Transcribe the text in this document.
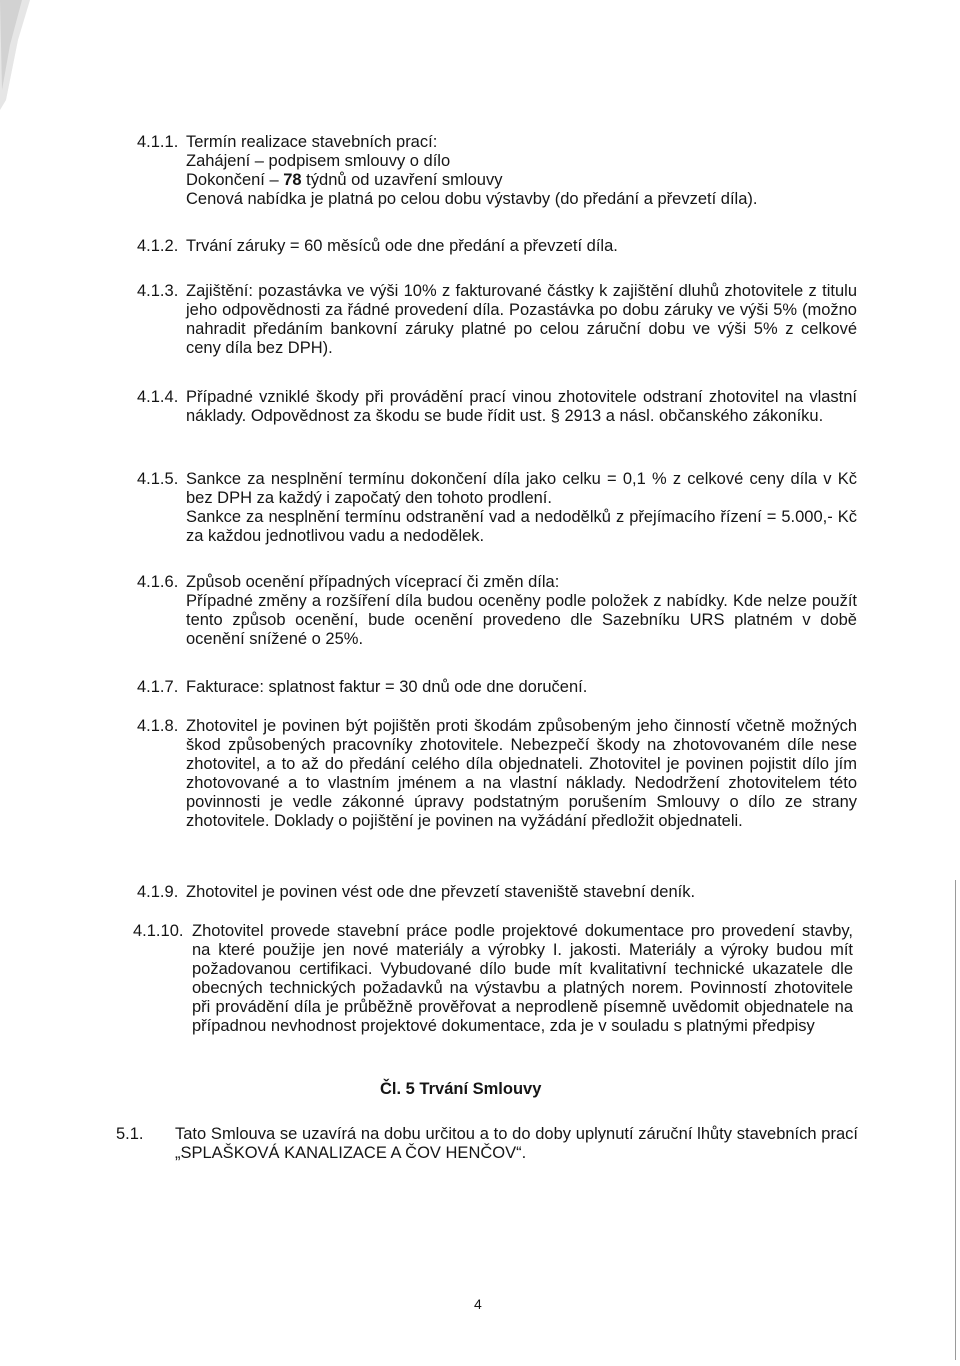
4.1.1. Termín realizace stavebních prací:
Zahájení – podpisem smlouvy o dílo
Dokončení – 78 týdnů od uzavření smlouvy
Cenová nabídka je platná po celou dobu výstavby (do předání a převzetí díla).
4.1.2. Trvání záruky = 60 měsíců ode dne předání a převzetí díla.
4.1.3. Zajištění: pozastávka ve výši 10% z fakturované částky k zajištění dluhů zhotovitele z titulu jeho odpovědnosti za řádné provedení díla. Pozastávka po dobu záruky ve výši 5% (možno nahradit předáním bankovní záruky platné po celou záruční dobu ve výši 5% z celkové ceny díla bez DPH).
4.1.4. Případné vzniklé škody při provádění prací vinou zhotovitele odstraní zhotovitel na vlastní náklady. Odpovědnost za škodu se bude řídit ust. § 2913 a násl. občanského zákoníku.
4.1.5. Sankce za nesplnění termínu dokončení díla jako celku = 0,1 % z celkové ceny díla v Kč bez DPH za každý i započatý den tohoto prodlení.
Sankce za nesplnění termínu odstranění vad a nedodělků z přejímacího řízení = 5.000,- Kč za každou jednotlivou vadu a nedodělek.
4.1.6. Způsob ocenění případných víceprací či změn díla:
Případné změny a rozšíření díla budou oceněny podle položek z nabídky. Kde nelze použít tento způsob ocenění, bude ocenění provedeno dle Sazebníku URS platném v době ocenění snížené o 25%.
4.1.7. Fakturace: splatnost faktur = 30 dnů ode dne doručení.
4.1.8. Zhotovitel je povinen být pojištěn proti škodám způsobeným jeho činností včetně možných škod způsobených pracovníky zhotovitele. Nebezpečí škody na zhotovovaném díle nese zhotovitel, a to až do předání celého díla objednateli. Zhotovitel je povinen pojistit dílo jím zhotovované a to vlastním jménem a na vlastní náklady. Nedodržení zhotovitelem této povinnosti je vedle zákonné úpravy podstatným porušením Smlouvy o dílo ze strany zhotovitele. Doklady o pojištění je povinen na vyžádání předložit objednateli.
4.1.9. Zhotovitel je povinen vést ode dne převzetí staveniště stavební deník.
4.1.10. Zhotovitel provede stavební práce podle projektové dokumentace pro provedení stavby, na které použije jen nové materiály a výrobky I. jakosti. Materiály a výroky budou mít požadovanou certifikaci. Vybudované dílo bude mít kvalitativní technické ukazatele dle obecných technických požadavků na výstavbu a platných norem. Povinností zhotovitele při provádění díla je průběžně prověřovat a neprodleně písemně uvědomit objednatele na případnou nevhodnost projektové dokumentace, zda je v souladu s platnými předpisy
Čl. 5 Trvání Smlouvy
5.1. Tato Smlouva se uzavírá na dobu určitou a to do doby uplynutí záruční lhůty stavebních prací „SPLAŠKOVÁ KANALIZACE A ČOV HENČOV“.
4
